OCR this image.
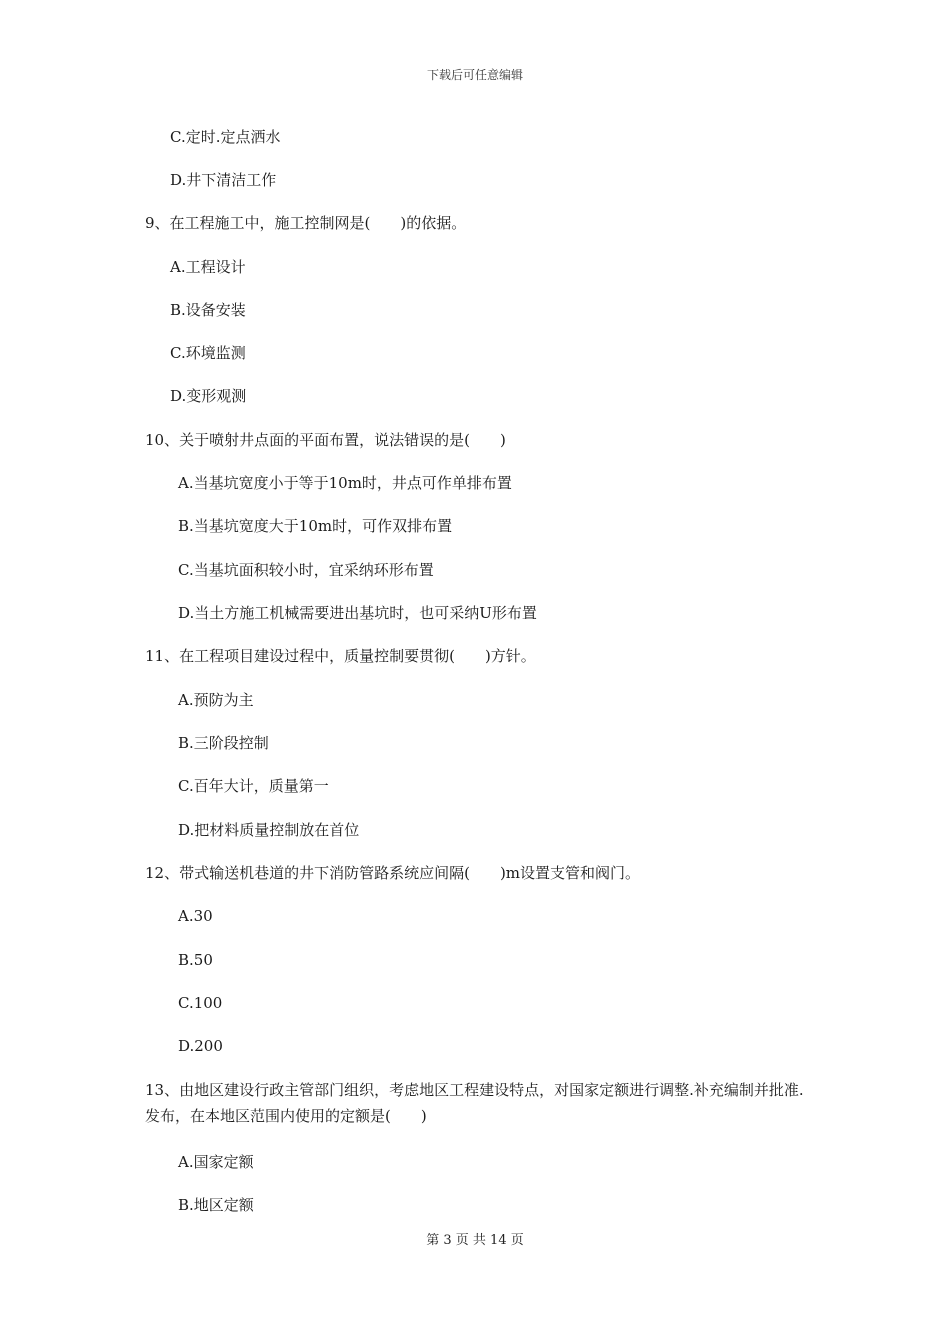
下载后可任意编辑
C.定时.定点洒水
D.井下清洁工作
9、在工程施工中，施工控制网是(　　)的依据。
A.工程设计
B.设备安装
C.环境监测
D.变形观测
10、关于喷射井点面的平面布置，说法错误的是(　　)
A.当基坑宽度小于等于10m时，井点可作单排布置
B.当基坑宽度大于10m时，可作双排布置
C.当基坑面积较小时，宜采纳环形布置
D.当土方施工机械需要进出基坑时，也可采纳U形布置
11、在工程项目建设过程中，质量控制要贯彻(　　)方针。
A.预防为主
B.三阶段控制
C.百年大计，质量第一
D.把材料质量控制放在首位
12、带式输送机巷道的井下消防管路系统应间隔(　　)m设置支管和阀门。
A.30
B.50
C.100
D.200
13、由地区建设行政主管部门组织，考虑地区工程建设特点，对国家定额进行调整.补充编制并批准.发布，在本地区范围内使用的定额是(　　)
A.国家定额
B.地区定额
第 3 页 共 14 页
